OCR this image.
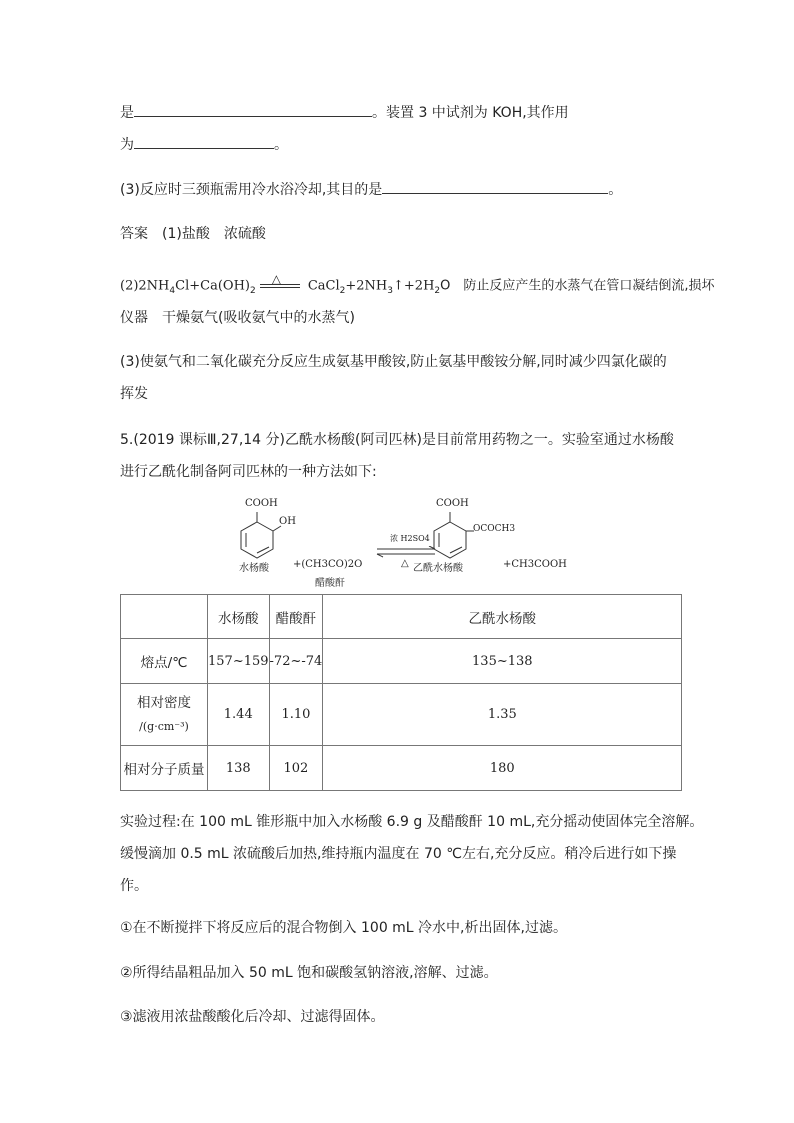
是	。装置 3 中试剂为 KOH,其作用
为	。
(3)反应时三颈瓶需用冷水浴冷却,其目的是	。
答案　(1)盐酸　浓硫酸
$(2)2NH_4Cl+Ca(OH)_2$
△ $CaCl_2+2NH_3↑+2H_2O$　防止反应产生的水蒸气在管口凝结倒流,损坏
仪器　干燥氨气(吸收氨气中的水蒸气)
(3)使氨气和二氧化碳充分反应生成氨基甲酸铵,防止氨基甲酸铵分解,同时减少四氯化碳的
挥发
5.(2019 课标Ⅲ,27,14 分)乙酰水杨酸(阿司匹林)是目前常用药物之一。实验室通过水杨酸
进行乙酰化制备阿司匹林的一种方法如下:
COOH
OH
水杨酸 +(CH3CO)2O
醋酸酐
浓 H2SO4
△
COOH
OCOCH3
乙酰水杨酸	+CH3COOH
	水杨酸	醋酸酐	乙酰水杨酸
熔点/℃	157~159	-72~-74	135~138

相对密度
/(g·cm⁻³)	1.44	1.10	1.35
相对分子质量	138	102	180
实验过程:在 100 mL 锥形瓶中加入水杨酸 6.9 g 及醋酸酐 10 mL,充分摇动使固体完全溶解。
缓慢滴加 0.5 mL 浓硫酸后加热,维持瓶内温度在 70 ℃左右,充分反应。稍冷后进行如下操
作。
①在不断搅拌下将反应后的混合物倒入 100 mL 冷水中,析出固体,过滤。
②所得结晶粗品加入 50 mL 饱和碳酸氢钠溶液,溶解、过滤。
③滤液用浓盐酸酸化后冷却、过滤得固体。
